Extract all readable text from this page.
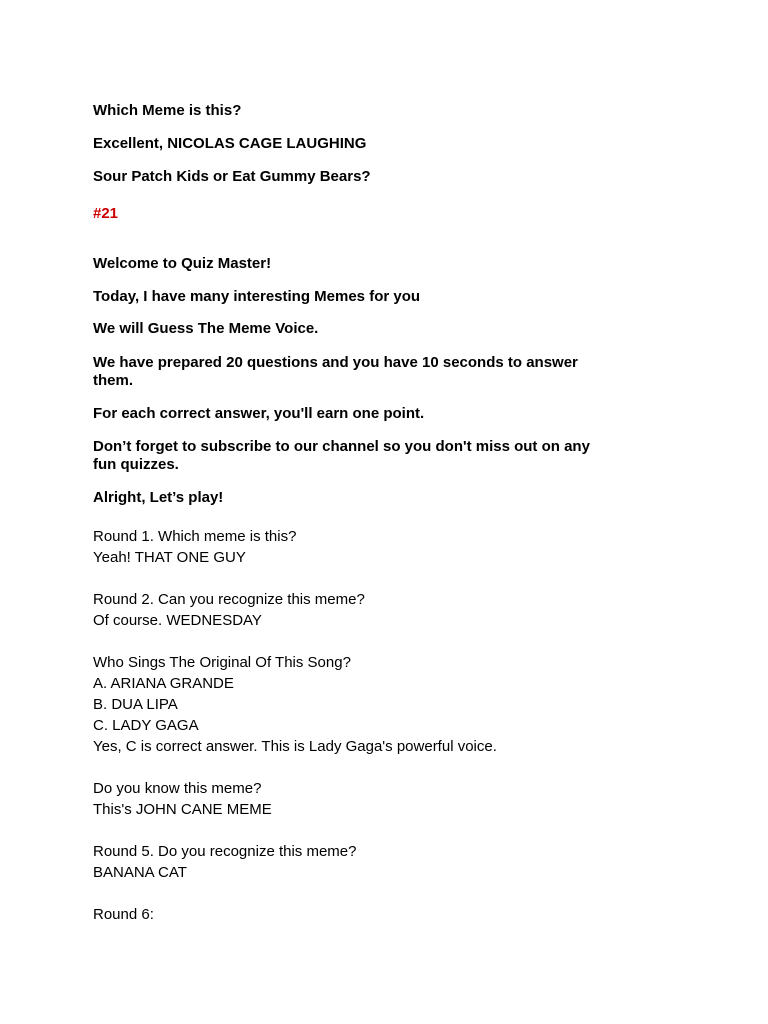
Which Meme is this?

Excellent, NICOLAS CAGE LAUGHING

Sour Patch Kids or Eat Gummy Bears?

#21

Welcome to Quiz Master!

Today, I have many interesting Memes for you

We will Guess The Meme Voice.

We have prepared 20 questions and you have 10 seconds to answer

them.

For each correct answer, you'll earn one point.

Don’t forget to subscribe to our channel so you don't miss out on any

fun quizzes.

Alright, Let’s play!

Round 1. Which meme is this?

Yeah! THAT ONE GUY

Round 2. Can you recognize this meme?

Of course. WEDNESDAY

Who Sings The Original Of This Song?

A. ARIANA GRANDE

B. DUA LIPA

C. LADY GAGA

Yes, C is correct answer. This is Lady Gaga's powerful voice.

Do you know this meme?

This's JOHN CANE MEME

Round 5. Do you recognize this meme?

BANANA CAT

Round 6:
